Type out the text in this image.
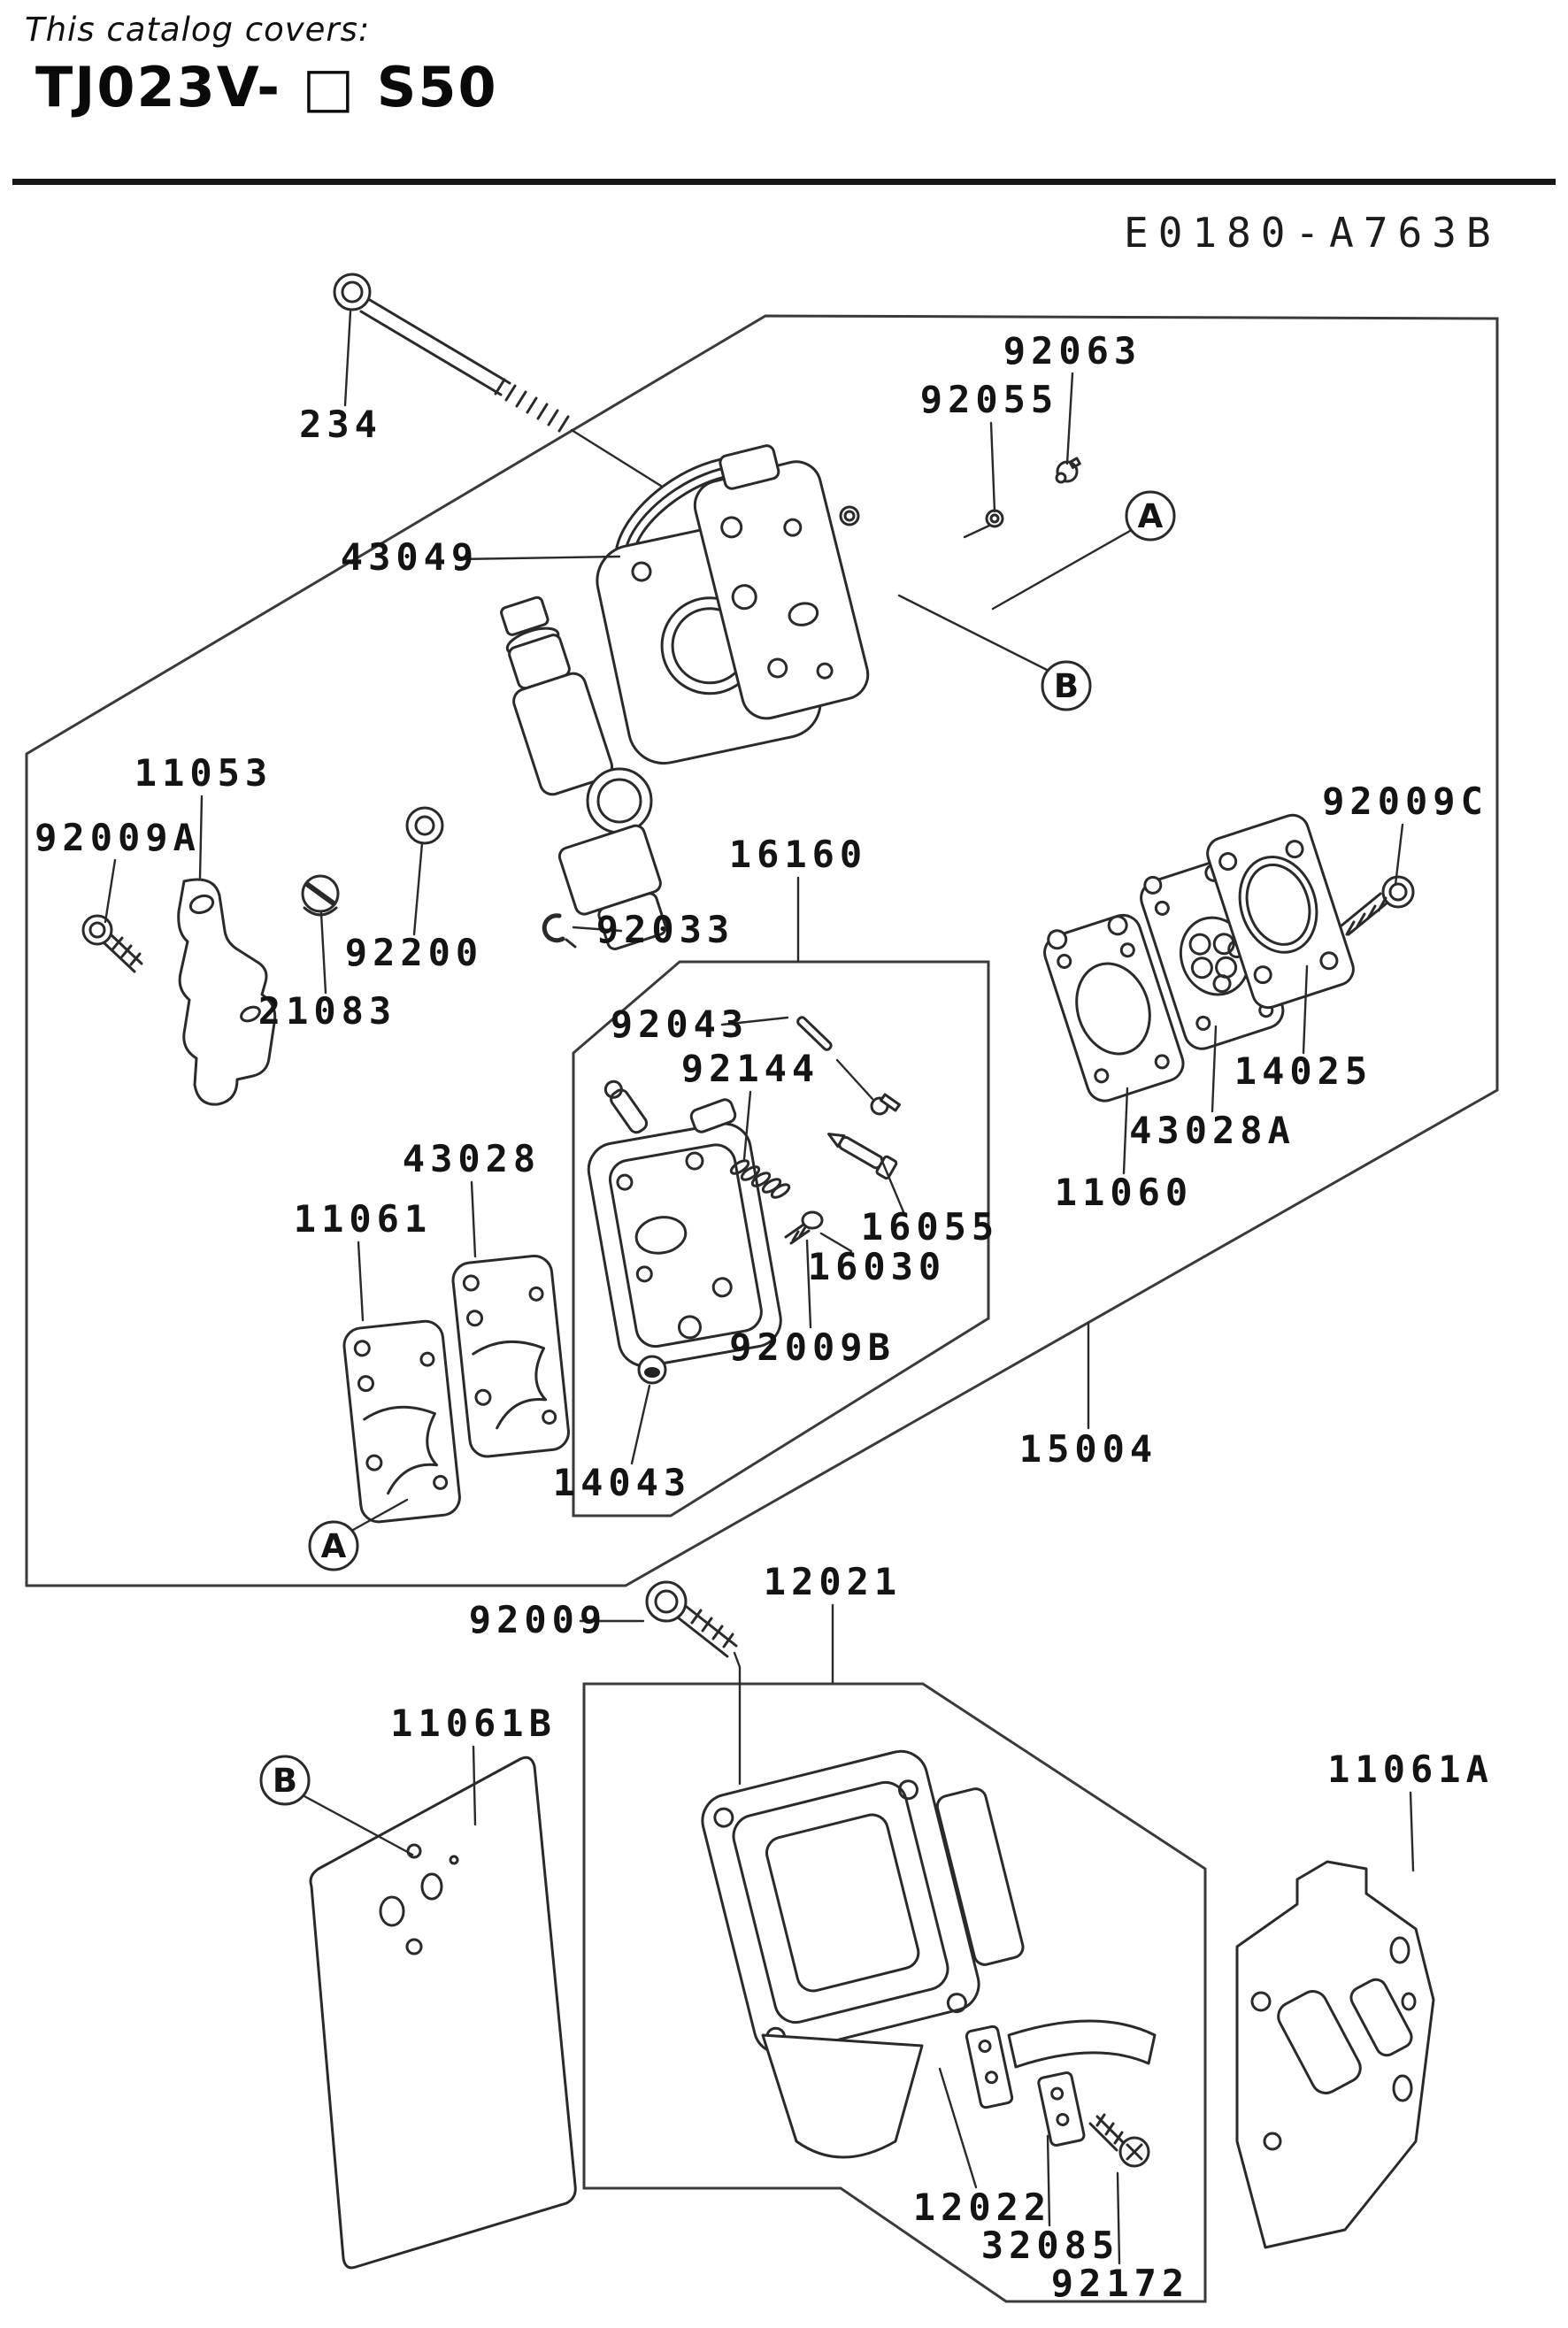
This catalog covers:
TJ023V- □ S50
E0180-A763B
A
B
A
B
234
43049
92063
92055
11053
92009A
92200
21083
92033
16160
92043
92144
43028
11061
92009C
14025
43028A
11060
16055
16030
92009B
14043
15004
92009
12021
11061B
11061A
12022
32085
92172
